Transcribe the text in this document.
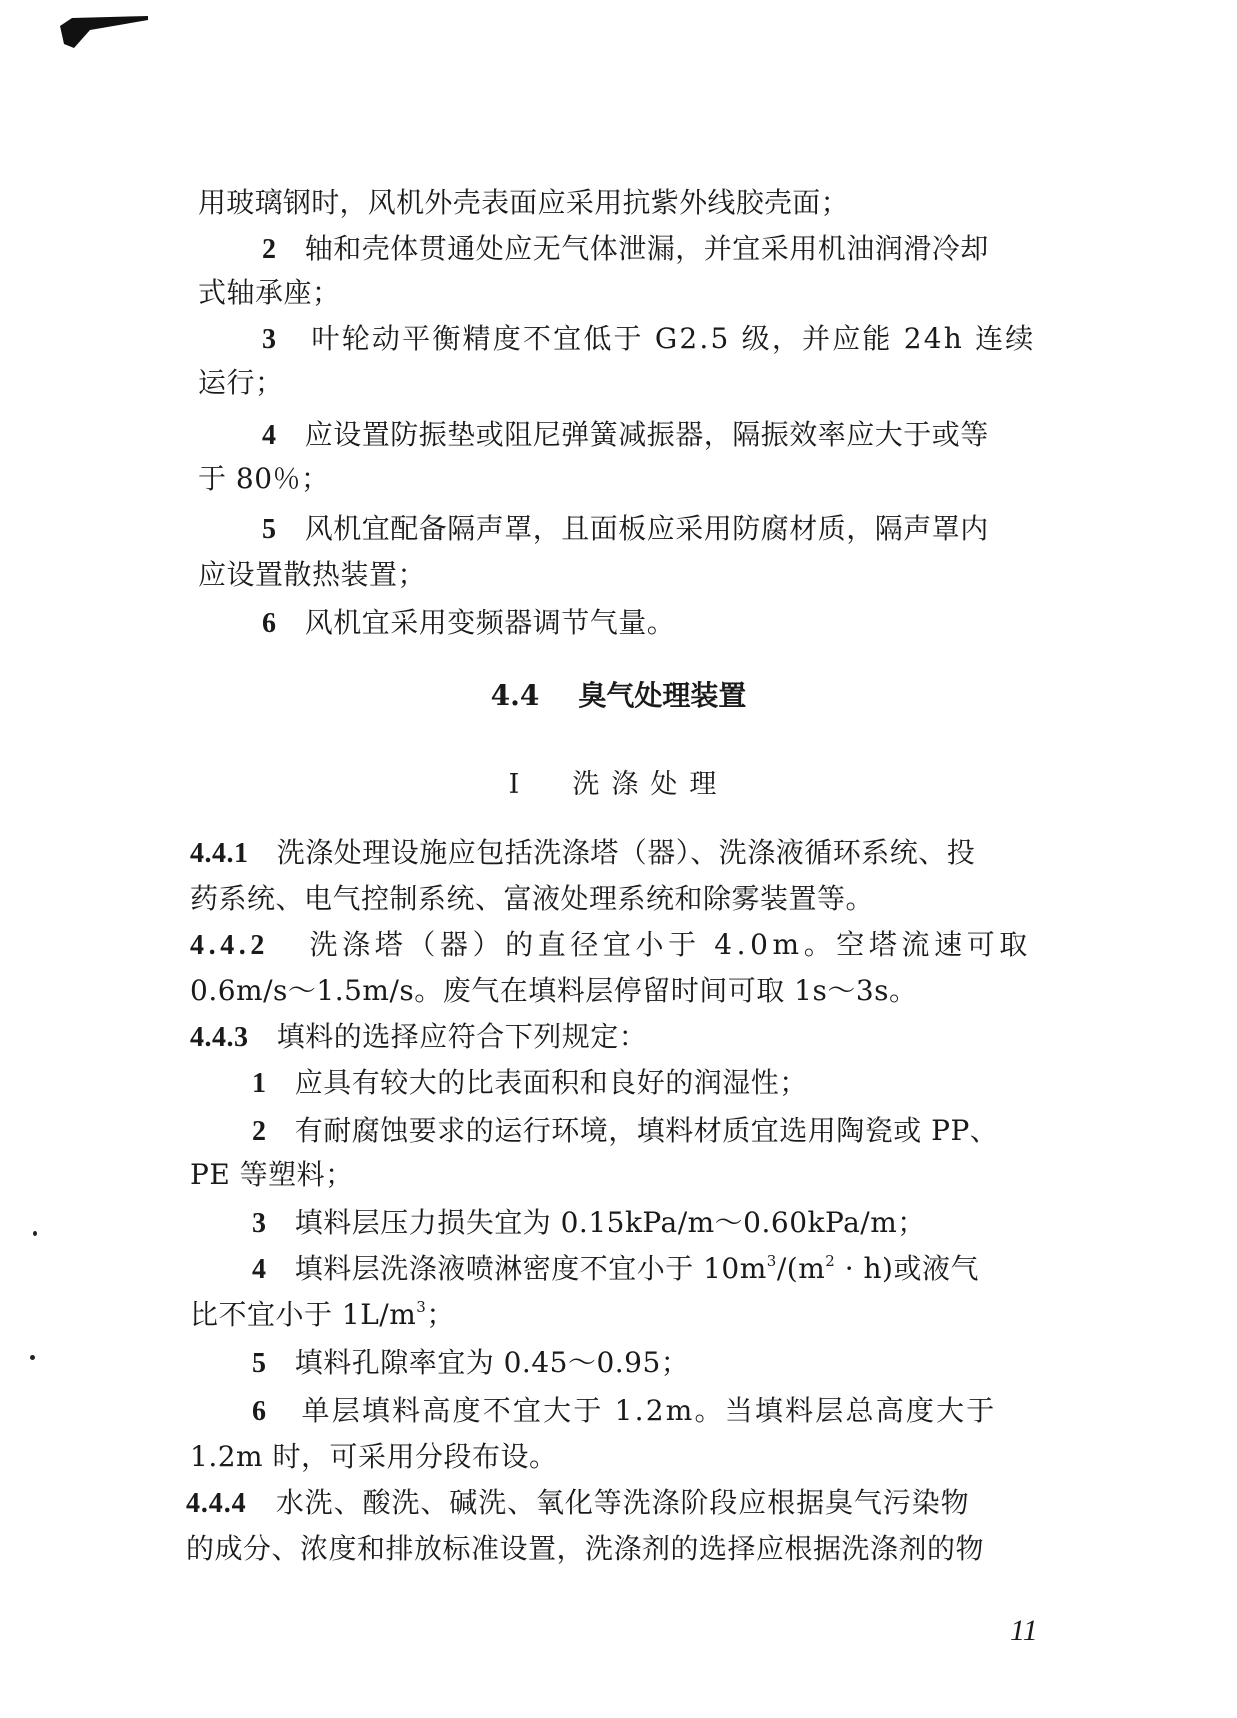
用玻璃钢时，风机外壳表面应采用抗紫外线胶壳面；
2 轴和壳体贯通处应无气体泄漏，并宜采用机油润滑冷却
式轴承座；
3 叶轮动平衡精度不宜低于 G2.5 级，并应能 24h 连续
运行；
4 应设置防振垫或阻尼弹簧减振器，隔振效率应大于或等
于 80％；
5 风机宜配备隔声罩，且面板应采用防腐材质，隔声罩内
应设置散热装置；
6 风机宜采用变频器调节气量。
4.4 臭气处理装置
I 洗涤处理
4.4.1 洗涤处理设施应包括洗涤塔（器）、洗涤液循环系统、投
药系统、电气控制系统、富液处理系统和除雾装置等。
4.4.2 洗涤塔（器）的直径宜小于 4.0m。空塔流速可取
0.6m/s～1.5m/s。废气在填料层停留时间可取 1s～3s。
4.4.3 填料的选择应符合下列规定：
1 应具有较大的比表面积和良好的润湿性；
2 有耐腐蚀要求的运行环境，填料材质宜选用陶瓷或 PP、
PE 等塑料；
3 填料层压力损失宜为 0.15kPa/m～0.60kPa/m；
4 填料层洗涤液喷淋密度不宜小于 $10m^3/(m^2 \cdot h)$或液气
比不宜小于 $1L/m^3$；
5 填料孔隙率宜为 0.45～0.95；
6 单层填料高度不宜大于 1.2m。当填料层总高度大于
1.2m 时，可采用分段布设。
4.4.4 水洗、酸洗、碱洗、氧化等洗涤阶段应根据臭气污染物
的成分、浓度和排放标准设置，洗涤剂的选择应根据洗涤剂的物
11
